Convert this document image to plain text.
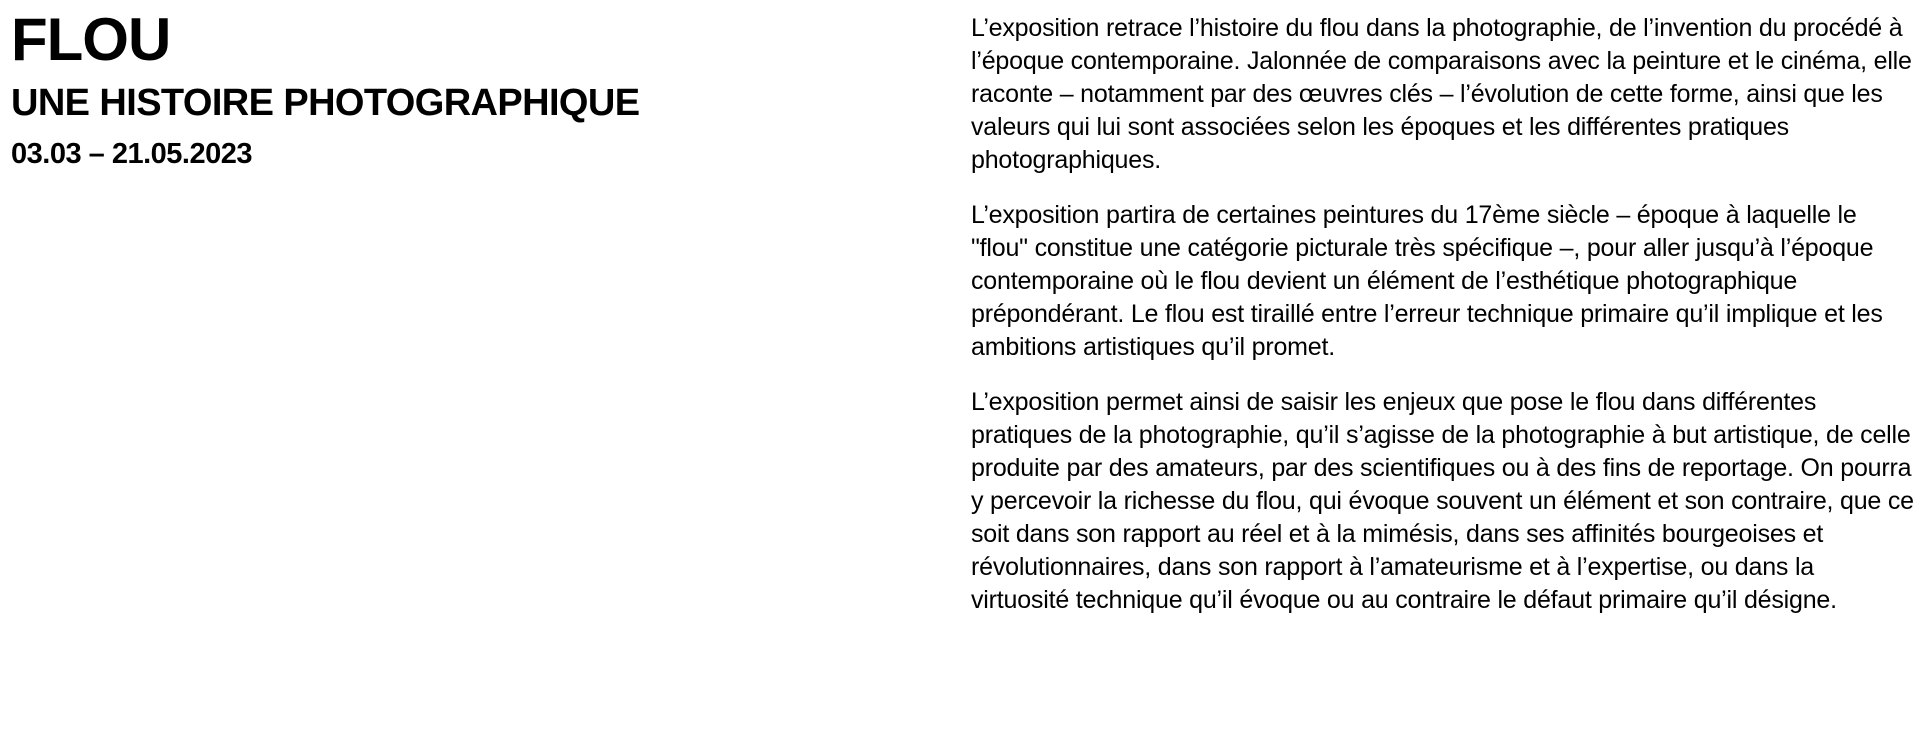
FLOU
UNE HISTOIRE PHOTOGRAPHIQUE
03.03 – 21.05.2023

L’exposition retrace l’histoire du flou dans la photographie, de l’invention du procédé à l’époque contemporaine. Jalonnée de comparaisons avec la peinture et le cinéma, elle raconte – notamment par des œuvres clés – l’évolution de cette forme, ainsi que les valeurs qui lui sont associées selon les époques et les différentes pratiques photographiques.

L’exposition partira de certaines peintures du 17ème siècle – époque à laquelle le "flou" constitue une catégorie picturale très spécifique –, pour aller jusqu’à l’époque contemporaine où le flou devient un élément de l’esthétique photographique prépondérant. Le flou est tiraillé entre l’erreur technique primaire qu’il implique et les ambitions artistiques qu’il promet.

L’exposition permet ainsi de saisir les enjeux que pose le flou dans différentes pratiques de la photographie, qu’il s’agisse de la photographie à but artistique, de celle produite par des amateurs, par des scientifiques ou à des fins de reportage. On pourra y percevoir la richesse du flou, qui évoque souvent un élément et son contraire, que ce soit dans son rapport au réel et à la mimésis, dans ses affinités bourgeoises et révolutionnaires, dans son rapport à l’amateurisme et à l’expertise, ou dans la virtuosité technique qu’il évoque ou au contraire le défaut primaire qu’il désigne.
